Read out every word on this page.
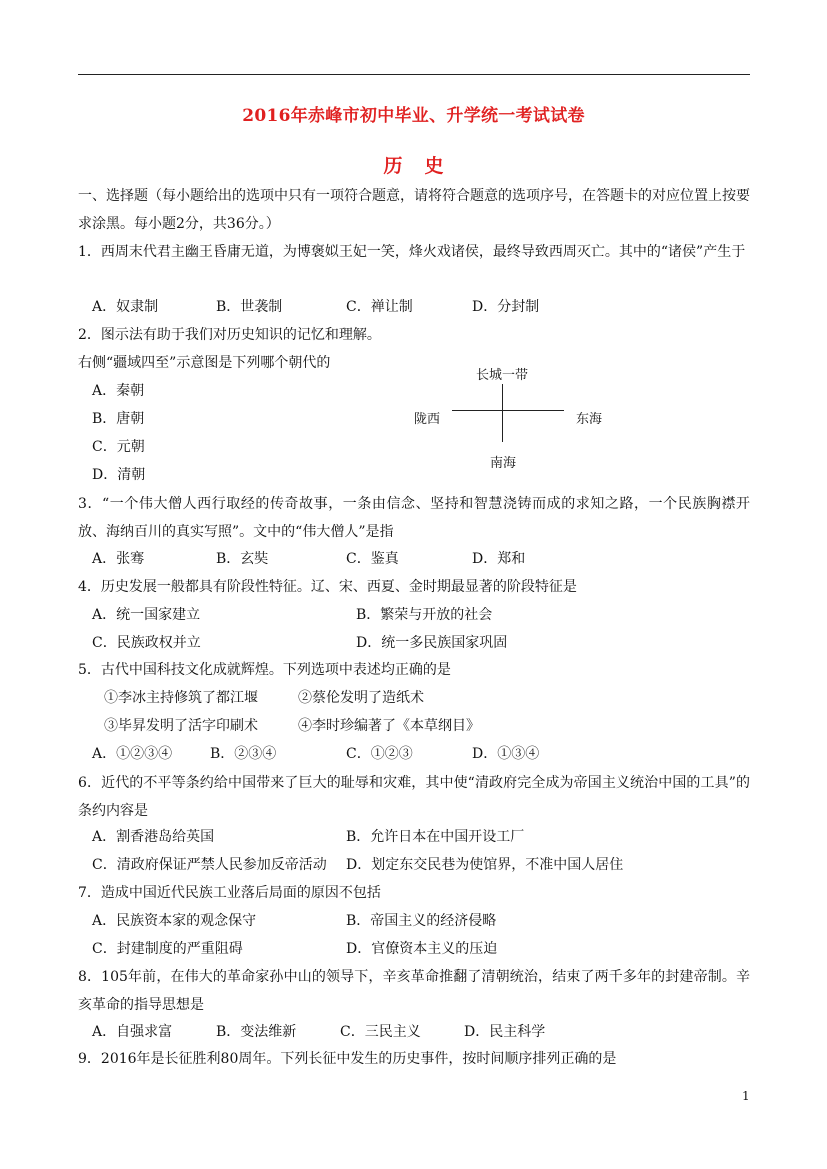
2016年赤峰市初中毕业、升学统一考试试卷
历史
一、选择题（每小题给出的选项中只有一项符合题意，请将符合题意的选项序号，在答题卡的对应位置上按要求涂黑。每小题2分，共36分。）
1．西周末代君主幽王昏庸无道，为博褒姒王妃一笑，烽火戏诸侯，最终导致西周灭亡。其中的“诸侯”产生于
A．奴隶制	B．世袭制	C．禅让制	D．分封制
2．图示法有助于我们对历史知识的记忆和理解。
右侧“疆域四至”示意图是下列哪个朝代的
A．秦朝
B．唐朝
C．元朝
D．清朝
长城一带
陇西	东海
南海
3．“一个伟大僧人西行取经的传奇故事，一条由信念、坚持和智慧浇铸而成的求知之路，一个民族胸襟开放、海纳百川的真实写照”。文中的“伟大僧人”是指
A．张骞	B．玄奘	C．鉴真	D．郑和
4．历史发展一般都具有阶段性特征。辽、宋、西夏、金时期最显著的阶段特征是
A．统一国家建立	B．繁荣与开放的社会
C．民族政权并立	D．统一多民族国家巩固
5．古代中国科技文化成就辉煌。下列选项中表述均正确的是
①李冰主持修筑了都江堰	②蔡伦发明了造纸术
③毕昇发明了活字印刷术	④李时珍编著了《本草纲目》
A．①②③④	B．②③④	C．①②③	D．①③④
6．近代的不平等条约给中国带来了巨大的耻辱和灾难，其中使“清政府完全成为帝国主义统治中国的工具”的条约内容是
A．割香港岛给英国	B．允许日本在中国开设工厂
C．清政府保证严禁人民参加反帝活动 D．划定东交民巷为使馆界，不准中国人居住
7．造成中国近代民族工业落后局面的原因不包括
A．民族资本家的观念保守	B．帝国主义的经济侵略
C．封建制度的严重阻碍	D．官僚资本主义的压迫
8．105年前，在伟大的革命家孙中山的领导下，辛亥革命推翻了清朝统治，结束了两千多年的封建帝制。辛亥革命的指导思想是
A．自强求富	B．变法维新	C．三民主义	D．民主科学
9．2016年是长征胜利80周年。下列长征中发生的历史事件，按时间顺序排列正确的是
1
